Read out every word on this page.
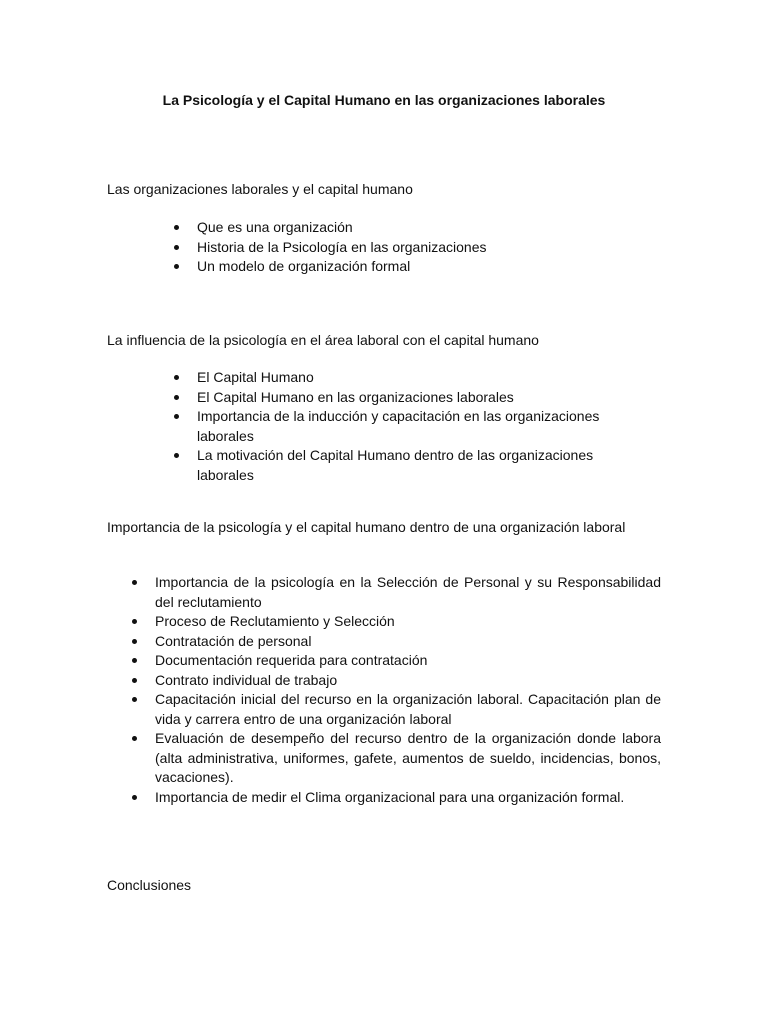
La Psicología y el Capital Humano en las organizaciones laborales

Las organizaciones laborales y el capital humano

Que es una organización
Historia de la Psicología en las organizaciones
Un modelo de organización formal

La influencia de la psicología en el área laboral con el capital humano

El Capital Humano
El Capital Humano en las organizaciones laborales
Importancia de la inducción y capacitación en las organizaciones laborales
La motivación del Capital Humano dentro de las organizaciones laborales

Importancia de la psicología y el capital humano dentro de una organización laboral

Importancia de la psicología en la Selección de Personal y su Responsabilidad del reclutamiento
Proceso de Reclutamiento y Selección
Contratación de personal
Documentación requerida para contratación
Contrato individual de trabajo
Capacitación inicial del recurso en la organización laboral. Capacitación plan de vida y carrera entro de una organización laboral
Evaluación de desempeño del recurso dentro de la organización donde labora (alta administrativa, uniformes, gafete, aumentos de sueldo, incidencias, bonos, vacaciones).
Importancia de medir el Clima organizacional para una organización formal.

Conclusiones
